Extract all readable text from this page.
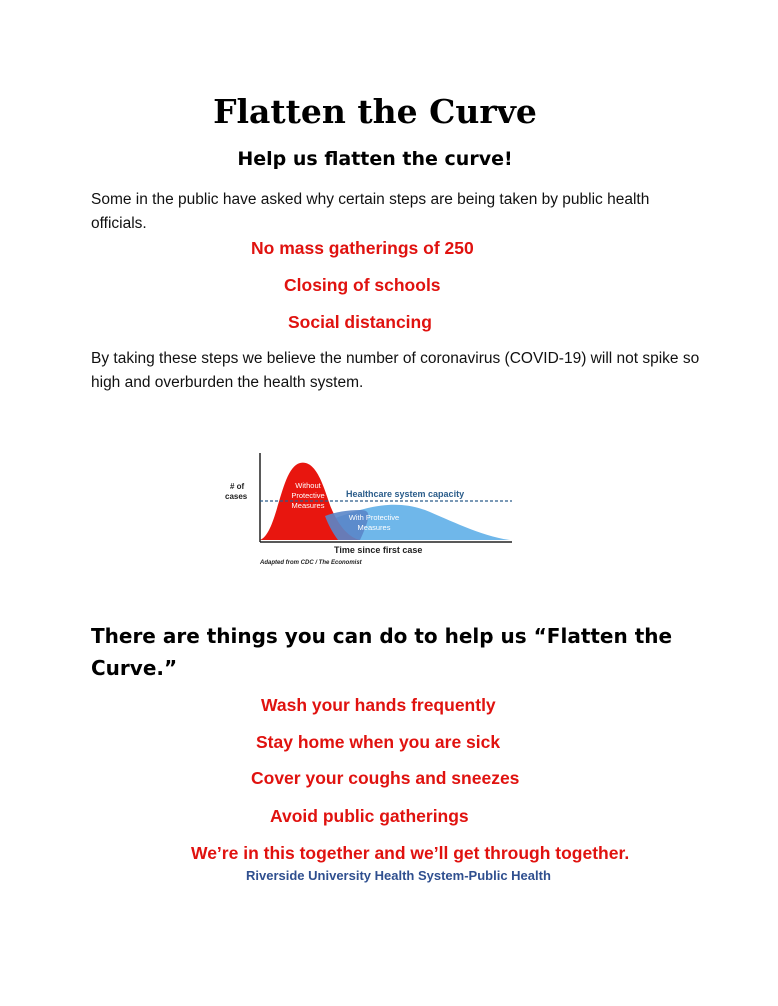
Flatten the Curve
Help us flatten the curve!
Some in the public have asked why certain steps are being taken by public health officials.
No mass gatherings of 250
Closing of schools
Social distancing
By taking these steps we believe the number of coronavirus (COVID-19) will not spike so high and overburden the health system.
# of
cases	Healthcare system capacity
Without
Protective
Measures
With Protective
Measures
Time since first case
Adapted from CDC / The Economist
There are things you can do to help us “Flatten the Curve.”
Wash your hands frequently
Stay home when you are sick
Cover your coughs and sneezes
Avoid public gatherings
We’re in this together and we’ll get through together.
Riverside University Health System-Public Health
